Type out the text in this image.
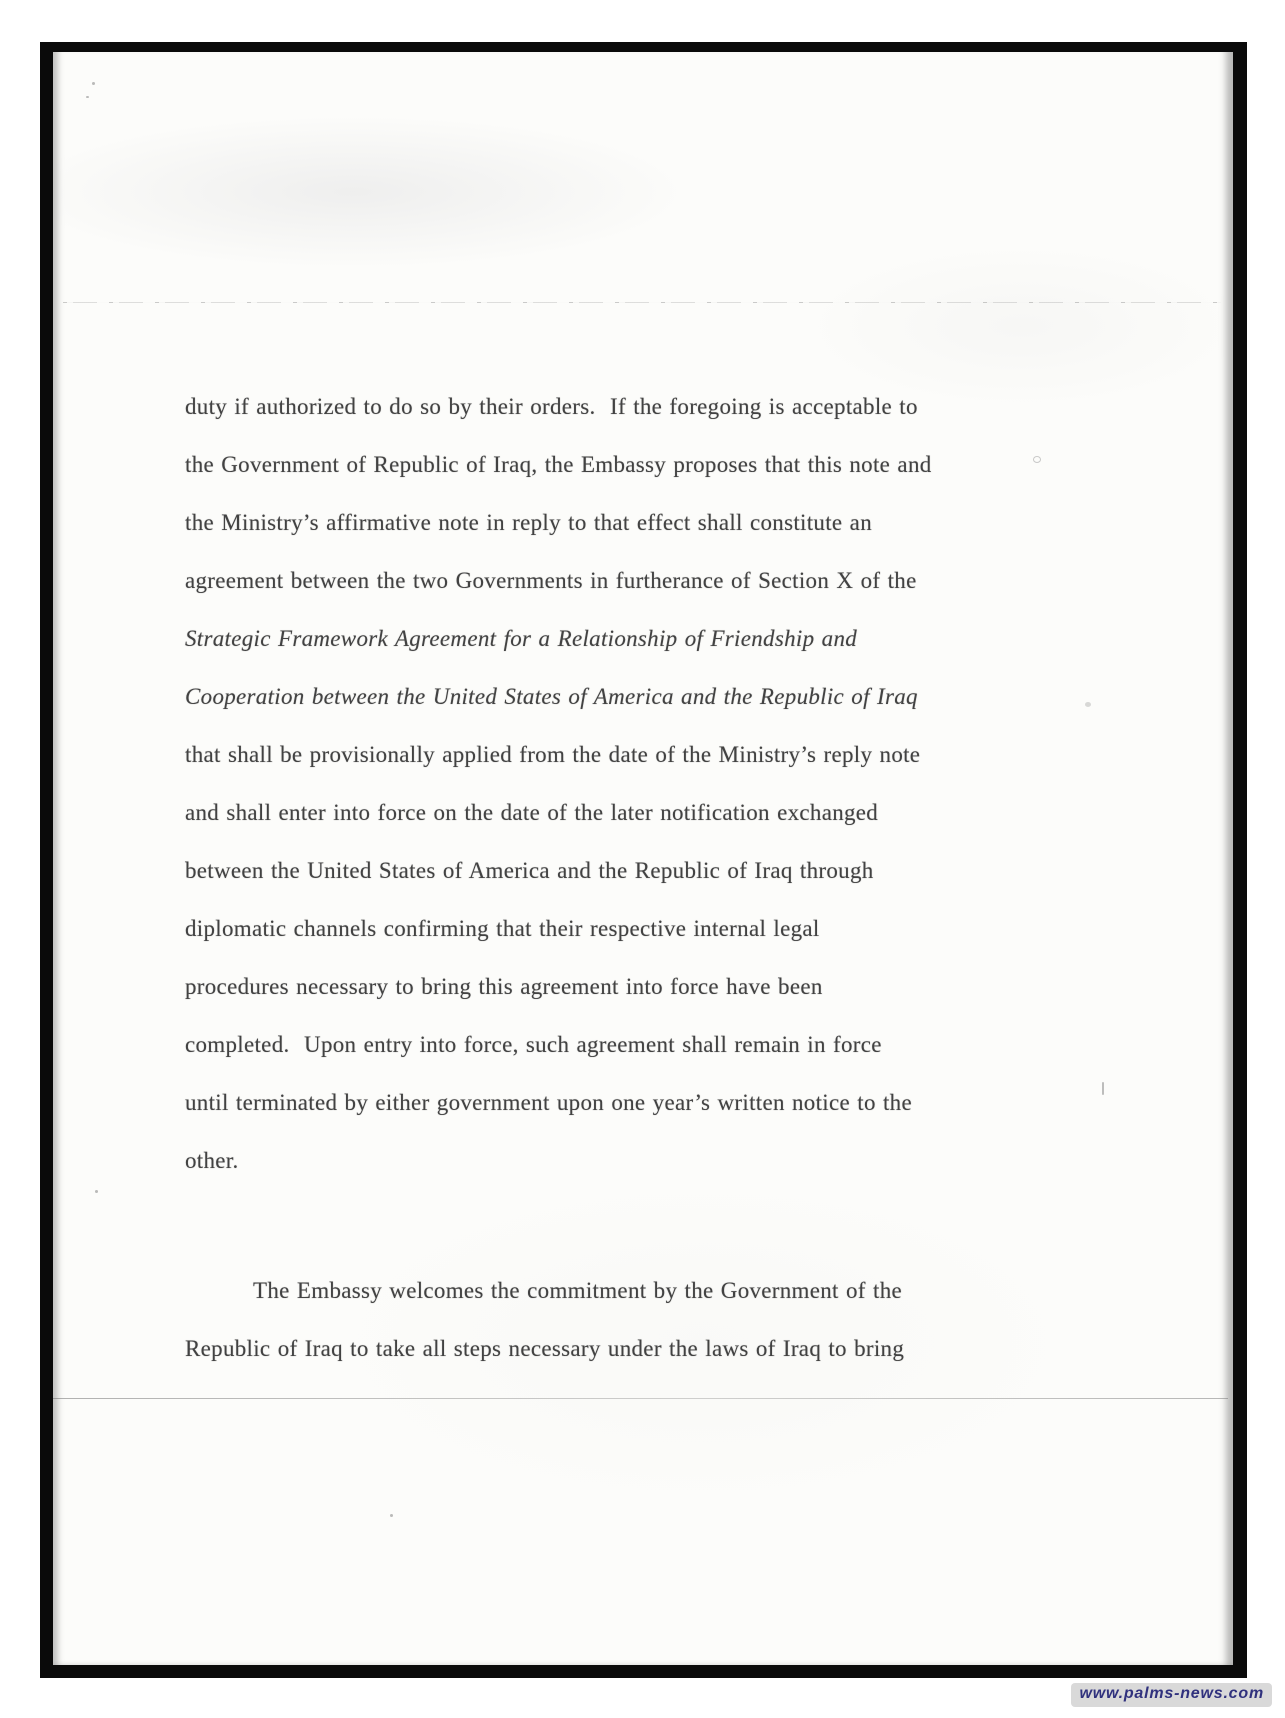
duty if authorized to do so by their orders.  If the foregoing is acceptable to
the Government of Republic of Iraq, the Embassy proposes that this note and
the Ministry’s affirmative note in reply to that effect shall constitute an
agreement between the two Governments in furtherance of Section X of the
Strategic Framework Agreement for a Relationship of Friendship and
Cooperation between the United States of America and the Republic of Iraq
that shall be provisionally applied from the date of the Ministry’s reply note
and shall enter into force on the date of the later notification exchanged
between the United States of America and the Republic of Iraq through
diplomatic channels confirming that their respective internal legal
procedures necessary to bring this agreement into force have been
completed.  Upon entry into force, such agreement shall remain in force
until terminated by either government upon one year’s written notice to the
other.
The Embassy welcomes the commitment by the Government of the
Republic of Iraq to take all steps necessary under the laws of Iraq to bring
www.palms-news.com
